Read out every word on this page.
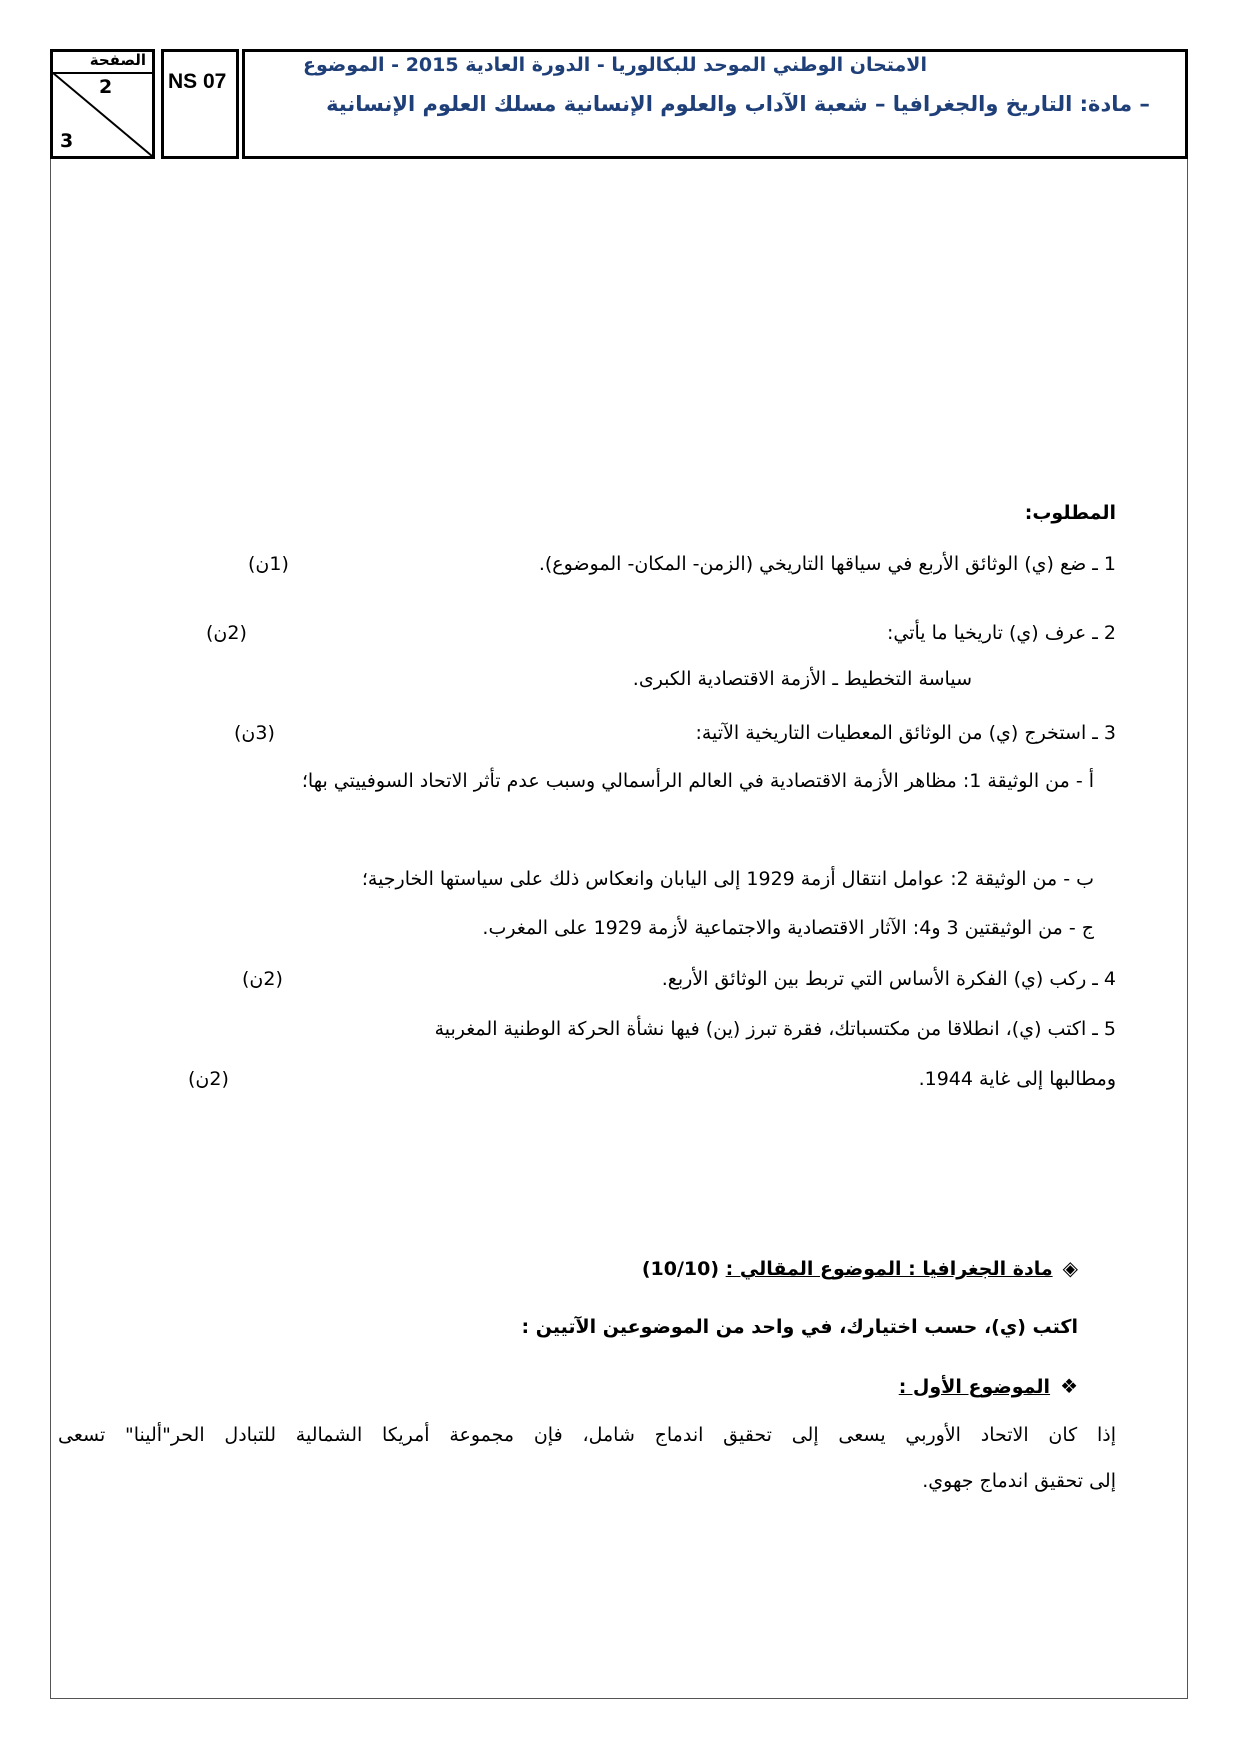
الصفحة
2
3
NS 07
الامتحان الوطني الموحد للبكالوريا - الدورة العادية 2015 - الموضوع
– مادة: التاريخ والجغرافيا – شعبة الآداب والعلوم الإنسانية مسلك العلوم الإنسانية
المطلوب:
1 ـ ضع (ي) الوثائق الأربع في سياقها التاريخي (الزمن- المكان- الموضوع).
(1ن)
2 ـ عرف (ي) تاريخيا ما يأتي:
(2ن)
سياسة التخطيط ـ الأزمة الاقتصادية الكبرى.
3 ـ استخرج (ي) من الوثائق المعطيات التاريخية الآتية:
(3ن)
أ - من الوثيقة 1: مظاهر الأزمة الاقتصادية في العالم الرأسمالي وسبب عدم تأثر الاتحاد السوفييتي بها؛
ب - من الوثيقة 2: عوامل انتقال أزمة 1929 إلى اليابان وانعكاس ذلك على سياستها الخارجية؛
ج - من الوثيقتين 3 و4: الآثار الاقتصادية والاجتماعية لأزمة 1929 على المغرب.
4 ـ ركب (ي) الفكرة الأساس التي تربط بين الوثائق الأربع.
(2ن)
5 ـ اكتب (ي)، انطلاقا من مكتسباتك، فقرة تبرز (ين) فيها نشأة الحركة الوطنية المغربية
ومطالبها إلى غاية 1944.
(2ن)
◈مادة الجغرافيا : الموضوع المقالي : (10/10)
اكتب (ي)، حسب اختيارك، في واحد من الموضوعين الآتيين :
❖الموضوع الأول :
إذا كان الاتحاد الأوربي يسعى إلى تحقيق اندماج شامل، فإن مجموعة أمريكا الشمالية للتبادل الحر"ألينا" تسعى
إلى تحقيق اندماج جهوي.
